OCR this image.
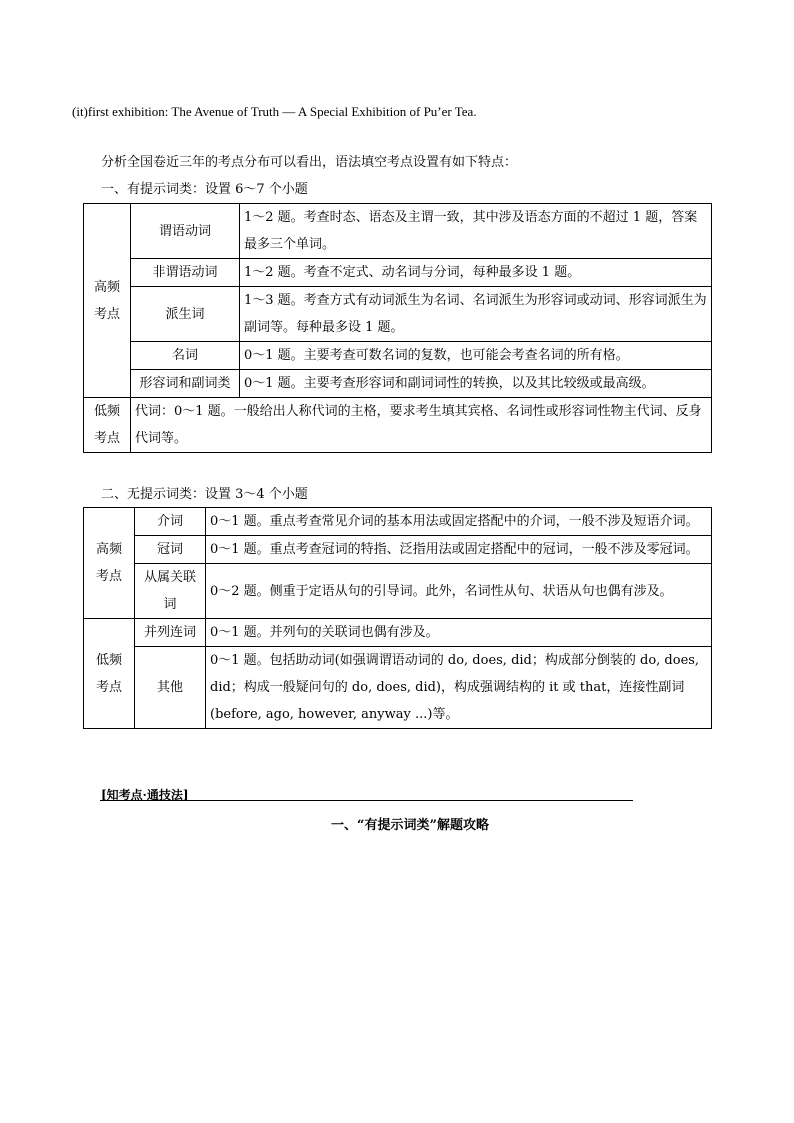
(it)first exhibition: The Avenue of Truth — A Special Exhibition of Pu’er Tea.
分析全国卷近三年的考点分布可以看出，语法填空考点设置有如下特点：
一、有提示词类：设置 6～7 个小题
高频
考点	谓语动词	1～2 题。考查时态、语态及主谓一致，其中涉及语态方面的不超过 1 题，答案最多三个单词。
	非谓语动词	1～2 题。考查不定式、动名词与分词，每种最多设 1 题。
	派生词	1～3 题。考查方式有动词派生为名词、名词派生为形容词或动词、形容词派生为副词等。每种最多设 1 题。
	名词	0～1 题。主要考查可数名词的复数，也可能会考查名词的所有格。
	形容词和副词类	0～1 题。主要考查形容词和副词词性的转换，以及其比较级或最高级。
低频
考点	代词：0～1 题。一般给出人称代词的主格，要求考生填其宾格、名词性或形容词性物主代词、反身代词等。	
二、无提示词类：设置 3～4 个小题
高频
考点	介词	0～1 题。重点考查常见介词的基本用法或固定搭配中的介词，一般不涉及短语介词。
	冠词	0～1 题。重点考查冠词的特指、泛指用法或固定搭配中的冠词，一般不涉及零冠词。
	从属关联词	0～2 题。侧重于定语从句的引导词。此外，名词性从句、状语从句也偶有涉及。
低频
考点	并列连词	0～1 题。并列句的关联词也偶有涉及。
	其他	0～1 题。包括助动词(如强调谓语动词的 do, does, did；构成部分倒装的 do, does, did；构成一般疑问句的 do, does, did)，构成强调结构的 it 或 that，连接性副词(before, ago, however, anyway ...)等。
[知考点·通技法]
一、“有提示词类”解题攻略
